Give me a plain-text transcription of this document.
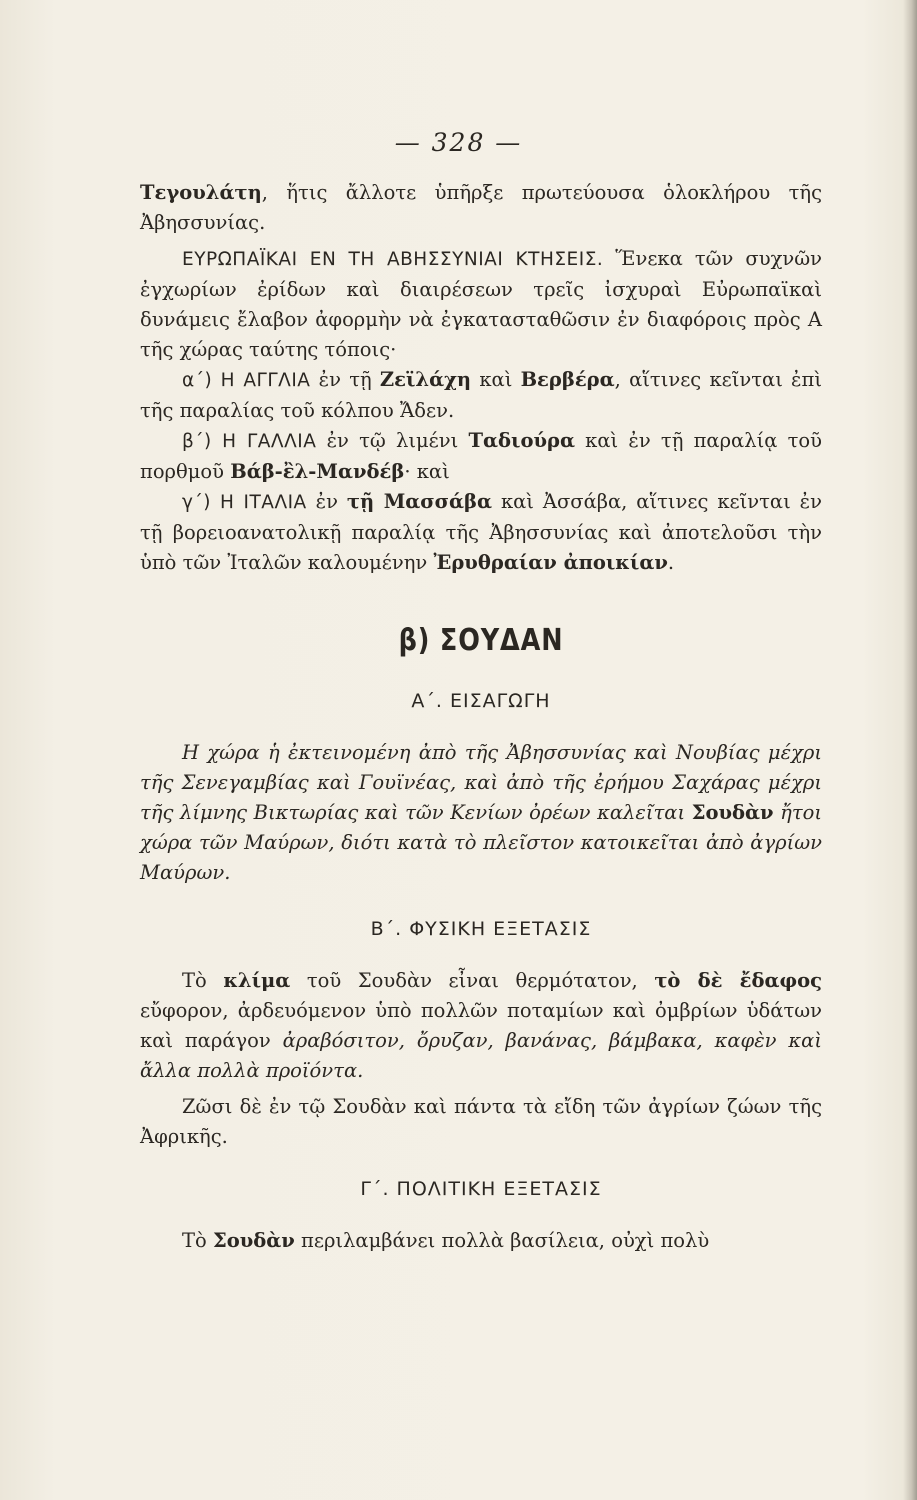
— 328 —

Τεγουλάτη, ἥτις ἄλλοτε ὑπῆρξε πρωτεύουσα ὁλοκλήρου τῆς Ἀβησσυνίας.

ΕΥΡΩΠΑΪΚΑΙ ΕΝ ΤΗ ΑΒΗΣΣΥΝΙΑΙ ΚΤΗΣΕΙΣ. Ἕνεκα τῶν συχνῶν ἐγχωρίων ἐρίδων καὶ διαιρέσεων τρεῖς ἰσχυραὶ Εὐρωπαϊκαὶ δυνάμεις ἔλαβον ἀφορμὴν νὰ ἐγκατασταθῶσιν ἐν διαφόροις πρὸς Α τῆς χώρας ταύτης τόποις·

α΄) Η ΑΓΓΛΙΑ ἐν τῇ Ζεϊλάχη καὶ Βερβέρα, αἵτινες κεῖνται ἐπὶ τῆς παραλίας τοῦ κόλπου Ἄδεν.

β΄) Η ΓΑΛΛΙΑ ἐν τῷ λιμένι Ταδιούρα καὶ ἐν τῇ παραλίᾳ τοῦ πορθμοῦ Βάβ-ἒλ-Μανδέβ· καὶ

γ΄) Η ΙΤΑΛΙΑ ἐν τῇ Μασσάβα καὶ Ἀσσάβα, αἵτινες κεῖνται ἐν τῇ βορειοανατολικῇ παραλίᾳ τῆς Ἀβησσυνίας καὶ ἀποτελοῦσι τὴν ὑπὸ τῶν Ἰταλῶν καλουμένην Ἐρυθραίαν ἀποικίαν.

β) ΣΟΥΔΑΝ
Α΄. ΕΙΣΑΓΩΓΗ

Η χώρα ἡ ἐκτεινομένη ἀπὸ τῆς Ἀβησσυνίας καὶ Νουβίας μέχρι τῆς Σενεγαμβίας καὶ Γουϊνέας, καὶ ἀπὸ τῆς ἐρήμου Σαχάρας μέχρι τῆς λίμνης Βικτωρίας καὶ τῶν Κενίων ὀρέων καλεῖται Σουδὰν ἤτοι χώρα τῶν Μαύρων, διότι κατὰ τὸ πλεῖστον κατοικεῖται ἀπὸ ἀγρίων Μαύρων.

Β΄. ΦΥΣΙΚΗ ΕΞΕΤΑΣΙΣ

Τὸ κλίμα τοῦ Σουδὰν εἶναι θερμότατον, τὸ δὲ ἔδαφος εὔφορον, ἀρδευόμενον ὑπὸ πολλῶν ποταμίων καὶ ὀμβρίων ὑδάτων καὶ παράγον ἀραβόσιτον, ὄρυζαν, βανάνας, βάμβακα, καφὲν καὶ ἄλλα πολλὰ προϊόντα.

Ζῶσι δὲ ἐν τῷ Σουδὰν καὶ πάντα τὰ εἴδη τῶν ἀγρίων ζώων τῆς Ἀφρικῆς.

Γ΄. ΠΟΛΙΤΙΚΗ ΕΞΕΤΑΣΙΣ

Τὸ Σουδὰν περιλαμβάνει πολλὰ βασίλεια, οὐχὶ πολὺ
